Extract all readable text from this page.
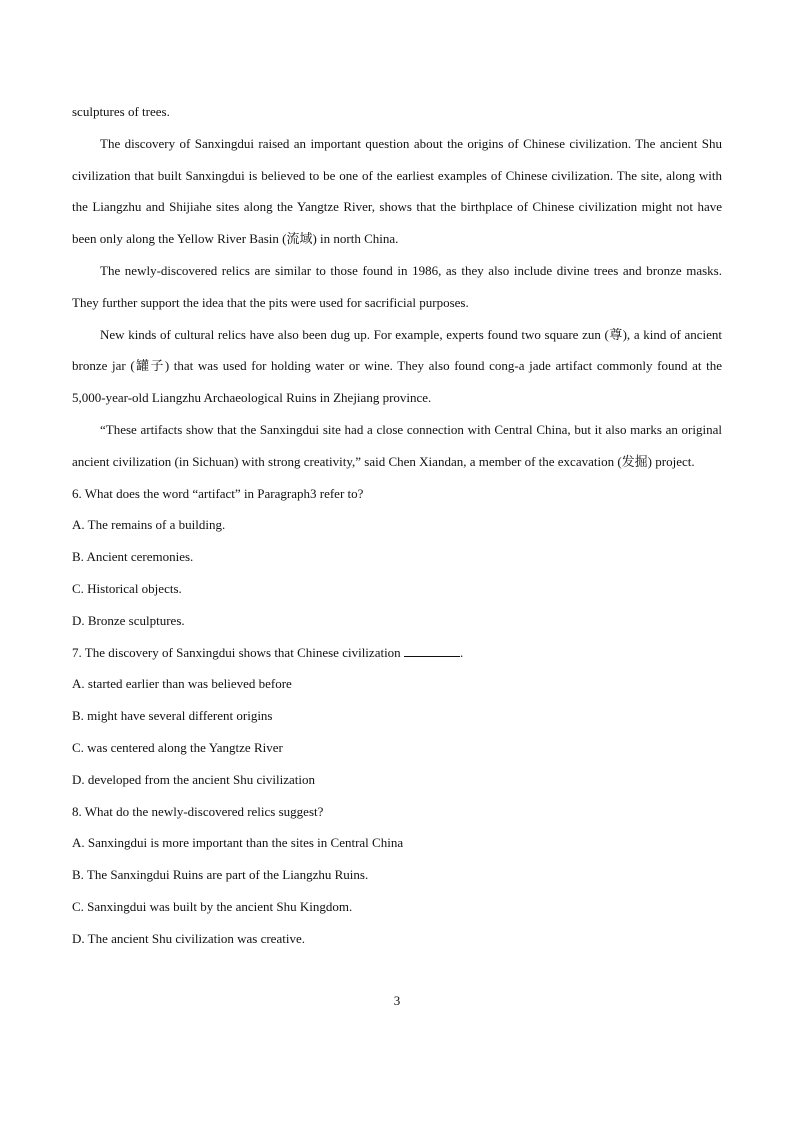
sculptures of trees.

The discovery of Sanxingdui raised an important question about the origins of Chinese civilization. The ancient Shu civilization that built Sanxingdui is believed to be one of the earliest examples of Chinese civilization. The site, along with the Liangzhu and Shijiahe sites along the Yangtze River, shows that the birthplace of Chinese civilization might not have been only along the Yellow River Basin (流域) in north China.

The newly-discovered relics are similar to those found in 1986, as they also include divine trees and bronze masks. They further support the idea that the pits were used for sacrificial purposes.

New kinds of cultural relics have also been dug up. For example, experts found two square zun (尊), a kind of ancient bronze jar (罐子) that was used for holding water or wine. They also found cong-a jade artifact commonly found at the 5,000-year-old Liangzhu Archaeological Ruins in Zhejiang province.

“These artifacts show that the Sanxingdui site had a close connection with Central China, but it also marks an original ancient civilization (in Sichuan) with strong creativity,” said Chen Xiandan, a member of the excavation (发掘) project.

6. What does the word “artifact” in Paragraph3 refer to?

A. The remains of a building.

B. Ancient ceremonies.

C. Historical objects.

D. Bronze sculptures.

7. The discovery of Sanxingdui shows that Chinese civilization	.

A. started earlier than was believed before

B. might have several different origins

C. was centered along the Yangtze River

D. developed from the ancient Shu civilization

8. What do the newly-discovered relics suggest?

A. Sanxingdui is more important than the sites in Central China

B. The Sanxingdui Ruins are part of the Liangzhu Ruins.

C. Sanxingdui was built by the ancient Shu Kingdom.

D. The ancient Shu civilization was creative.

3
